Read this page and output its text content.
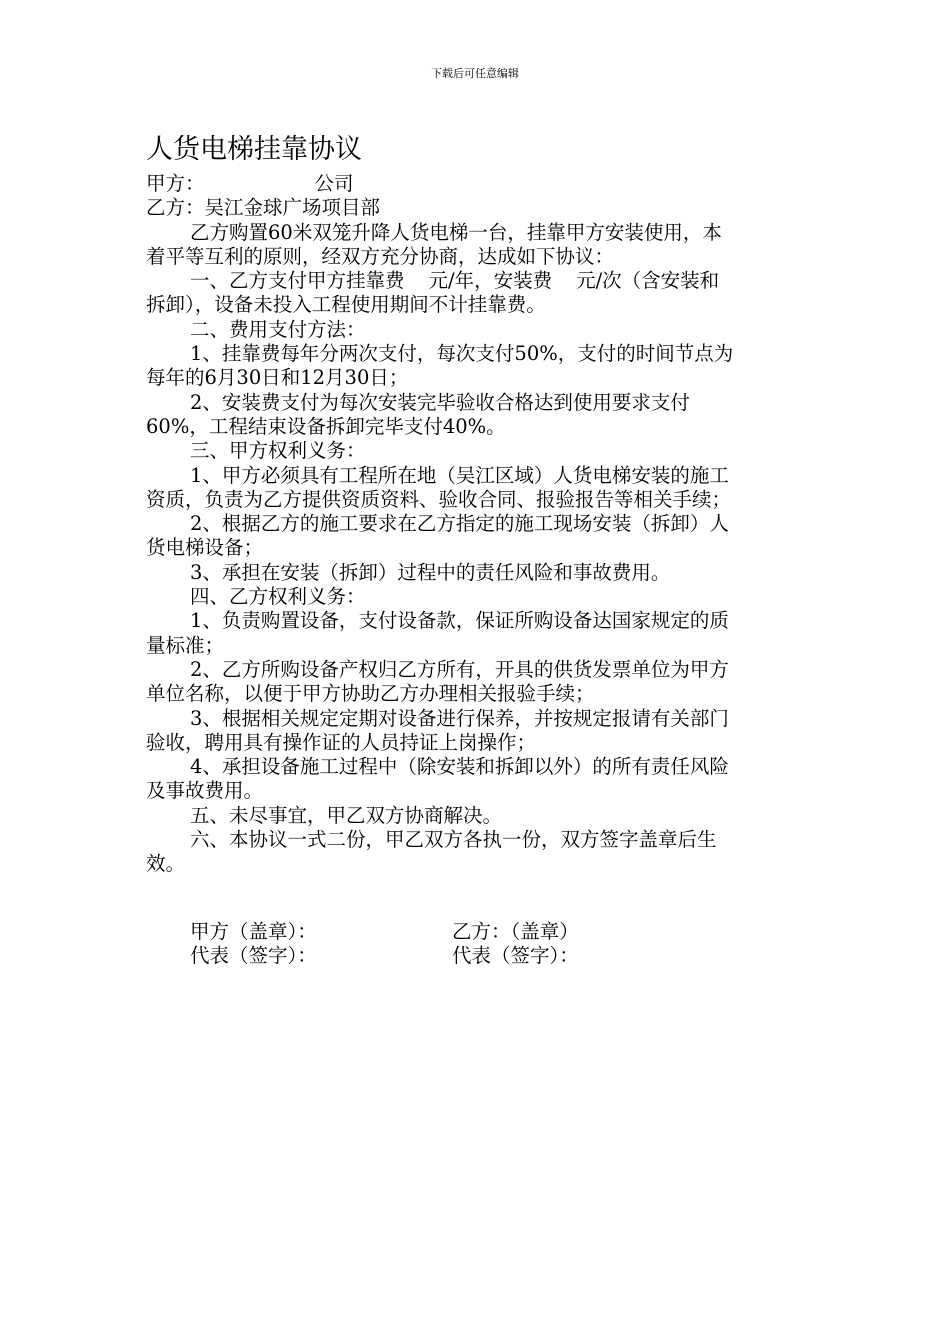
下载后可任意编辑
人货电梯挂靠协议
甲方：	公司
乙方：吴江金球广场项目部
乙方购置60米双笼升降人货电梯一台，挂靠甲方安装使用，本
着平等互利的原则，经双方充分协商，达成如下协议：
一、乙方支付甲方挂靠费 元/年，安装费 元/次（含安装和
拆卸），设备未投入工程使用期间不计挂靠费。
二、费用支付方法：
1、挂靠费每年分两次支付，每次支付50%，支付的时间节点为
每年的6月30日和12月30日；
2、安装费支付为每次安装完毕验收合格达到使用要求支付
60%，工程结束设备拆卸完毕支付40%。
三、甲方权利义务：
1、甲方必须具有工程所在地（吴江区域）人货电梯安装的施工
资质，负责为乙方提供资质资料、验收合同、报验报告等相关手续；
2、根据乙方的施工要求在乙方指定的施工现场安装（拆卸）人
货电梯设备；
3、承担在安装（拆卸）过程中的责任风险和事故费用。
四、乙方权利义务：
1、负责购置设备，支付设备款，保证所购设备达国家规定的质
量标准；
2、乙方所购设备产权归乙方所有，开具的供货发票单位为甲方
单位名称，以便于甲方协助乙方办理相关报验手续；
3、根据相关规定定期对设备进行保养，并按规定报请有关部门
验收，聘用具有操作证的人员持证上岗操作；
4、承担设备施工过程中（除安装和拆卸以外）的所有责任风险
及事故费用。
五、未尽事宜，甲乙双方协商解决。
六、本协议一式二份，甲乙双方各执一份，双方签字盖章后生
效。
甲方（盖章）：	乙方：（盖章）
代表（签字）：	代表（签字）：
